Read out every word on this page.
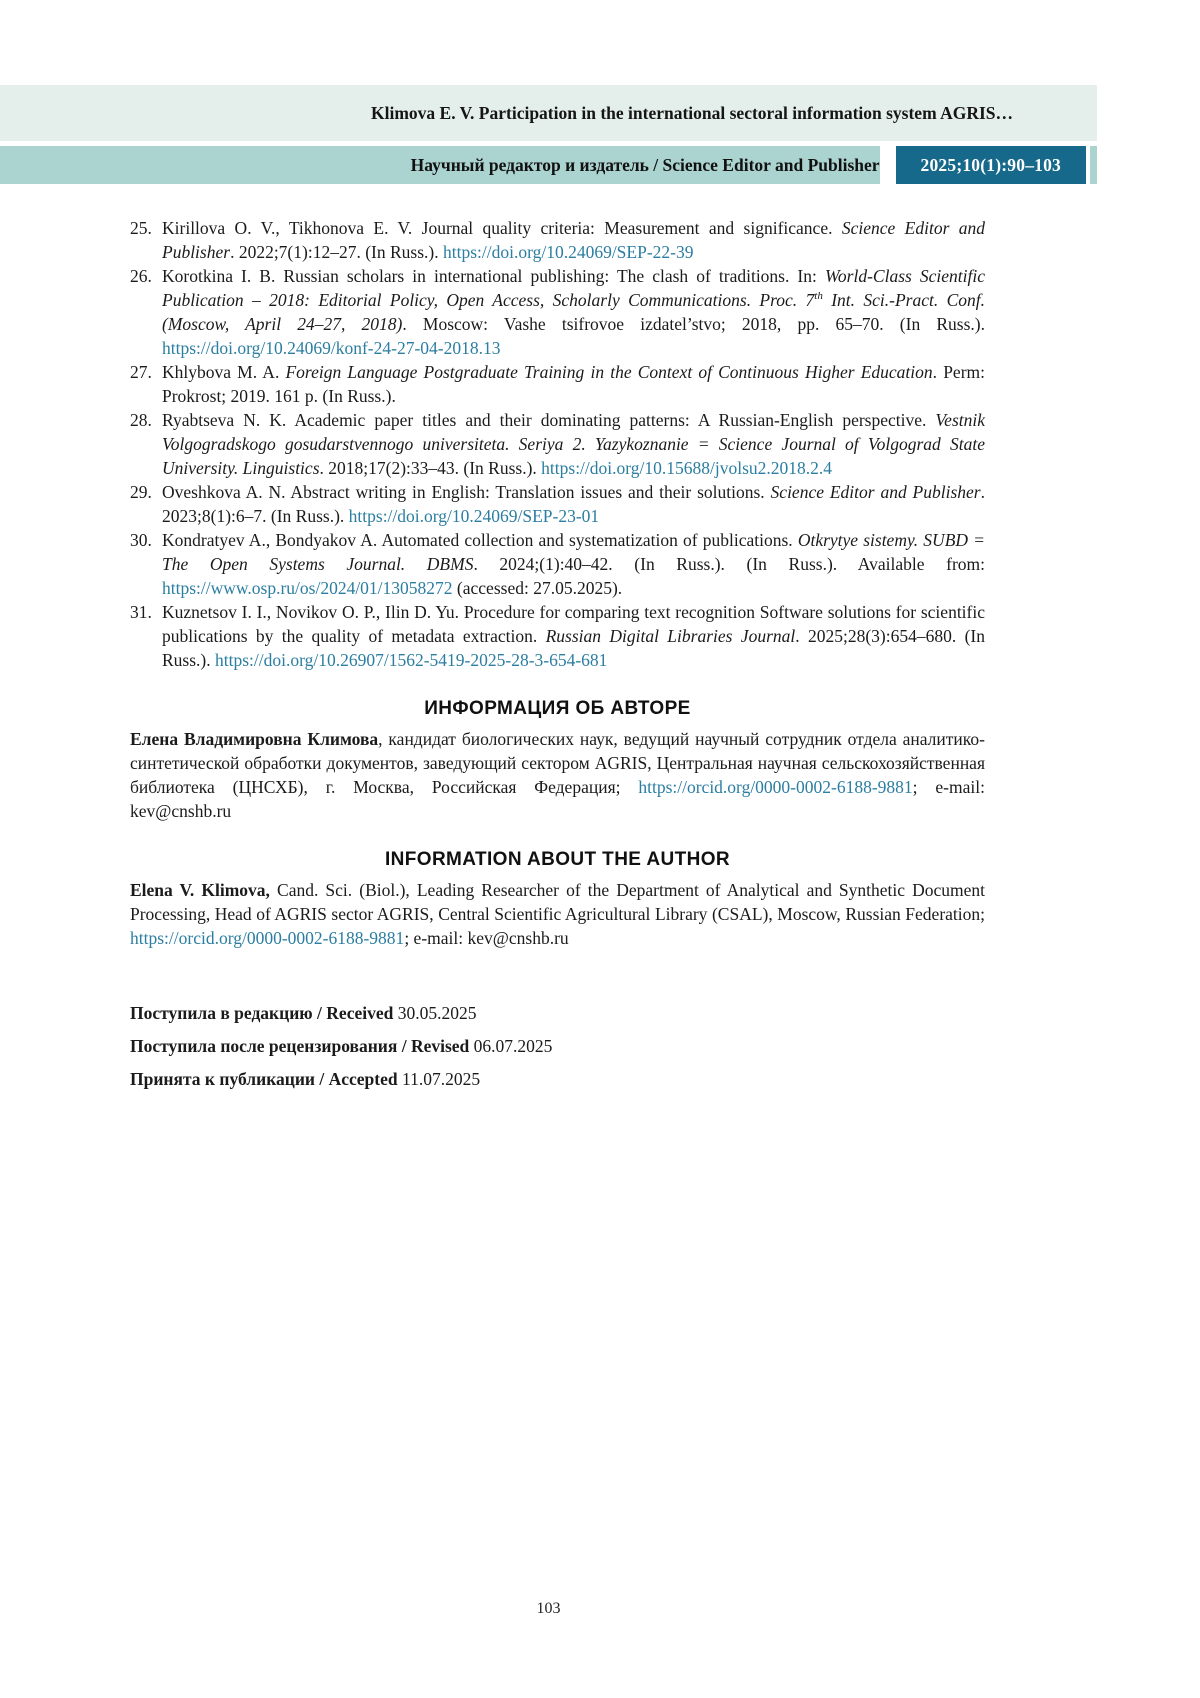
Klimova E. V. Participation in the international sectoral information system AGRIS…
Научный редактор и издатель / Science Editor and Publisher 2025;10(1):90–103
25. Kirillova O. V., Tikhonova E. V. Journal quality criteria: Measurement and significance. Science Editor and Publisher. 2022;7(1):12–27. (In Russ.). https://doi.org/10.24069/SEP-22-39
26. Korotkina I. B. Russian scholars in international publishing: The clash of traditions. In: World-Class Scientific Publication – 2018: Editorial Policy, Open Access, Scholarly Communications. Proc. 7th Int. Sci.-Pract. Conf. (Moscow, April 24–27, 2018). Moscow: Vashe tsifrovoe izdatel’stvo; 2018, pp. 65–70. (In Russ.). https://doi.org/10.24069/konf-24-27-04-2018.13
27. Khlybova M. A. Foreign Language Postgraduate Training in the Context of Continuous Higher Education. Perm: Prokrost; 2019. 161 p. (In Russ.).
28. Ryabtseva N. K. Academic paper titles and their dominating patterns: A Russian-English perspective. Vestnik Volgogradskogo gosudarstvennogo universiteta. Seriya 2. Yazykoznanie = Science Journal of Volgograd State University. Linguistics. 2018;17(2):33–43. (In Russ.). https://doi.org/10.15688/jvolsu2.2018.2.4
29. Oveshkova A. N. Abstract writing in English: Translation issues and their solutions. Science Editor and Publisher. 2023;8(1):6–7. (In Russ.). https://doi.org/10.24069/SEP-23-01
30. Kondratyev A., Bondyakov A. Automated collection and systematization of publications. Otkrytye sistemy. SUBD = The Open Systems Journal. DBMS. 2024;(1):40–42. (In Russ.). (In Russ.). Available from: https://www.osp.ru/os/2024/01/13058272 (accessed: 27.05.2025).
31. Kuznetsov I. I., Novikov O. P., Ilin D. Yu. Procedure for comparing text recognition Software solutions for scientific publications by the quality of metadata extraction. Russian Digital Libraries Journal. 2025;28(3):654–680. (In Russ.). https://doi.org/10.26907/1562-5419-2025-28-3-654-681
ИНФОРМАЦИЯ ОБ АВТОРЕ

Елена Владимировна Климова, кандидат биологических наук, ведущий научный сотрудник отдела аналитико-синтетической обработки документов, заведующий сектором AGRIS, Центральная научная сельскохозяйственная библиотека (ЦНСХБ), г. Москва, Российская Федерация; https://orcid.org/0000-0002-6188-9881; e-mail: kev@cnshb.ru

INFORMATION ABOUT THE AUTHOR

Elena V. Klimova, Cand. Sci. (Biol.), Leading Researcher of the Department of Analytical and Synthetic Document Processing, Head of AGRIS sector AGRIS, Central Scientific Agricultural Library (CSAL), Moscow, Russian Federation; https://orcid.org/0000-0002-6188-9881; e-mail: kev@cnshb.ru

Поступила в редакцию / Received 30.05.2025

Поступила после рецензирования / Revised 06.07.2025

Принята к публикации / Accepted 11.07.2025

103
